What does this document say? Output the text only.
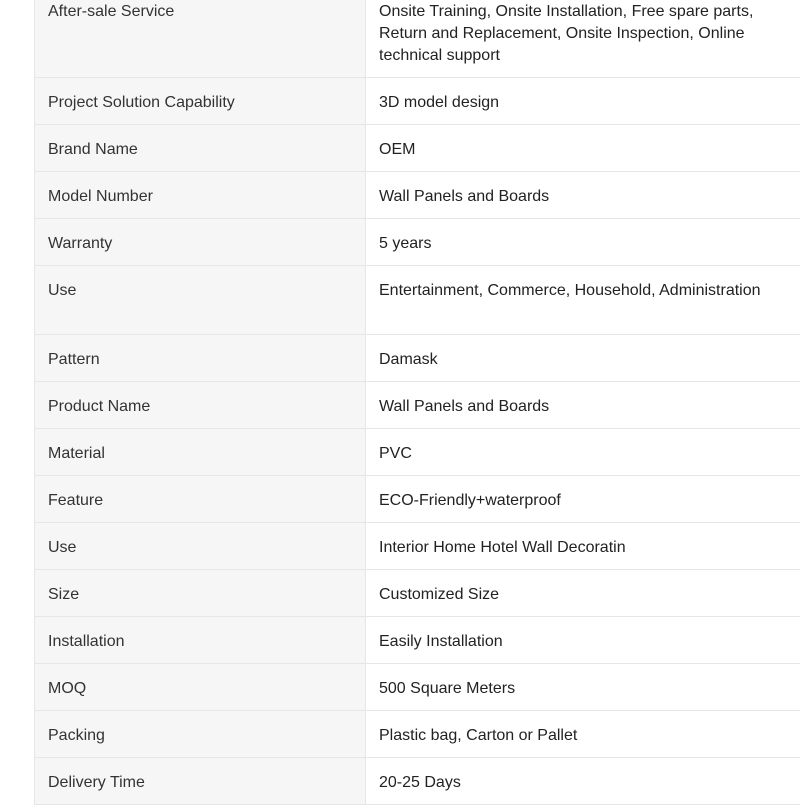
After-sale Service	Onsite Training, Onsite Installation, Free spare parts, Return and Replacement, Onsite Inspection, Online technical support
Project Solution Capability	3D model design
Brand Name	OEM
Model Number	Wall Panels and Boards
Warranty	5 years
Use	Entertainment, Commerce, Household, Administration
Pattern	Damask
Product Name	Wall Panels and Boards
Material	PVC
Feature	ECO-Friendly+waterproof
Use	Interior Home Hotel Wall Decoratin
Size	Customized Size
Installation	Easily Installation
MOQ	500 Square Meters
Packing	Plastic bag, Carton or Pallet
Delivery Time	20-25 Days
